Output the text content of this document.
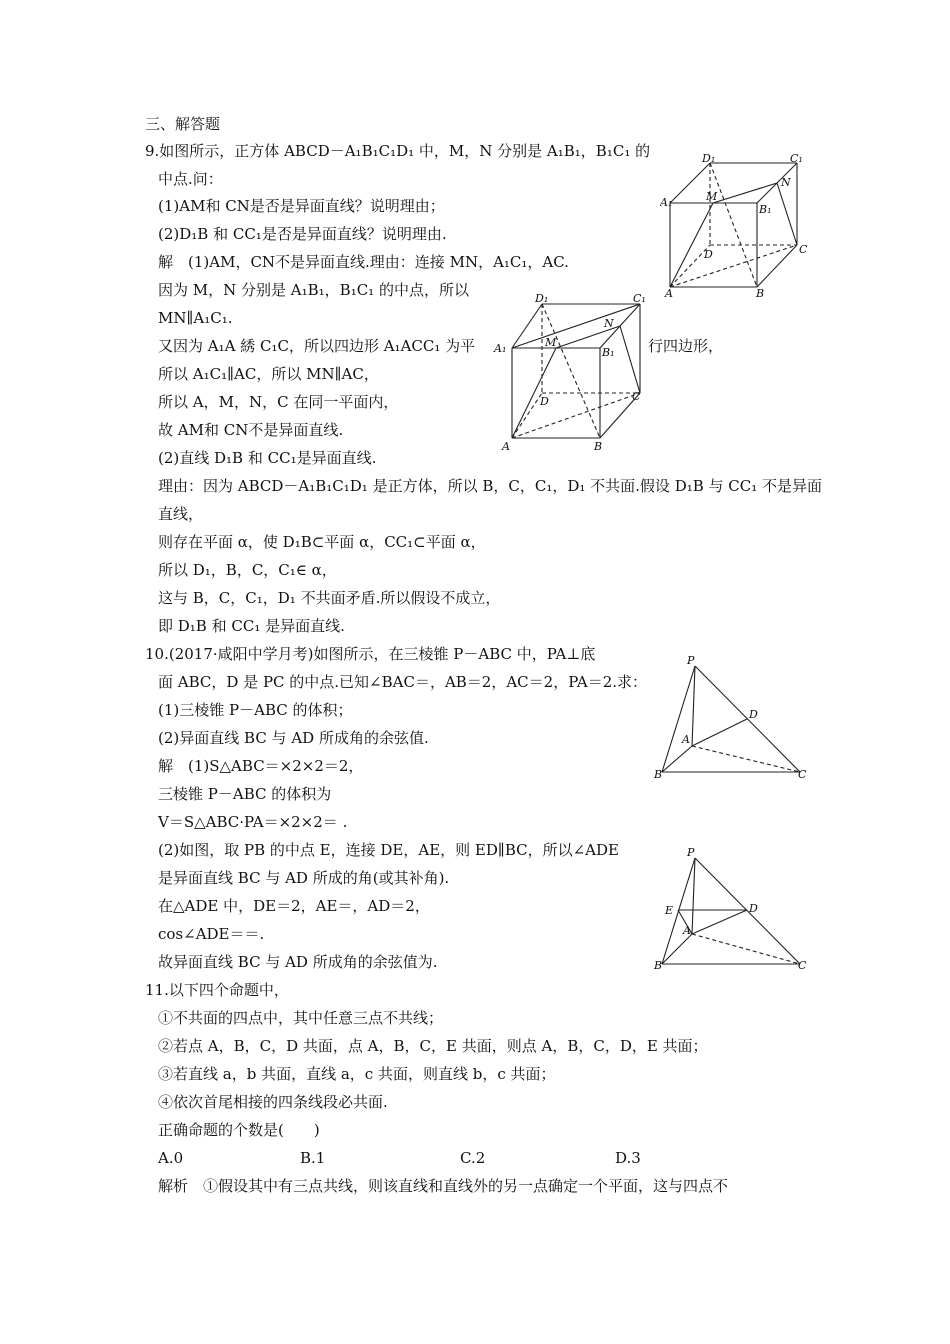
三、解答题
9.如图所示，正方体 ABCD－A₁B₁C₁D₁ 中，M，N 分别是 A₁B₁，B₁C₁ 的
中点.问：
(1)AM和 CN是否是异面直线？说明理由；
(2)D₁B 和 CC₁是否是异面直线？说明理由.
解　(1)AM，CN不是异面直线.理由：连接 MN，A₁C₁，AC.
因为 M，N 分别是 A₁B₁，B₁C₁ 的中点，所以
MN∥A₁C₁.
又因为 A₁A 綉 C₁C，所以四边形 A₁ACC₁ 为平	行四边形，
所以 A₁C₁∥AC，所以 MN∥AC，
所以 A，M，N，C 在同一平面内，
故 AM和 CN不是异面直线.
(2)直线 D₁B 和 CC₁是异面直线.
理由：因为 ABCD－A₁B₁C₁D₁ 是正方体，所以 B，C，C₁，D₁ 不共面.假设 D₁B 与 CC₁ 不是异面
直线，
则存在平面 α，使 D₁B⊂平面 α，CC₁⊂平面 α，
所以 D₁，B，C，C₁∈ α，
这与 B，C，C₁，D₁ 不共面矛盾.所以假设不成立，
即 D₁B 和 CC₁ 是异面直线.
10.(2017·咸阳中学月考)如图所示，在三棱锥 P－ABC 中，PA⊥底
面 ABC，D 是 PC 的中点.已知∠BAC＝，AB＝2，AC＝2，PA＝2.求：
(1)三棱锥 P－ABC 的体积；
(2)异面直线 BC 与 AD 所成角的余弦值.
解　(1)S△ABC＝×2×2＝2，
三棱锥 P－ABC 的体积为
V＝S△ABC·PA＝×2×2＝ .
(2)如图，取 PB 的中点 E，连接 DE，AE，则 ED∥BC，所以∠ADE
是异面直线 BC 与 AD 所成的角(或其补角).
在△ADE 中，DE＝2，AE＝，AD＝2，
cos∠ADE＝＝.
故异面直线 BC 与 AD 所成角的余弦值为.
11.以下四个命题中，
①不共面的四点中，其中任意三点不共线；
②若点 A，B，C，D 共面，点 A，B，C，E 共面，则点 A，B，C，D，E 共面；
③若直线 a，b 共面，直线 a，c 共面，则直线 b，c 共面；
④依次首尾相接的四条线段必共面.
正确命题的个数是(　　)
解析　①假设其中有三点共线，则该直线和直线外的另一点确定一个平面，这与四点不
A.0	B.1	C.2	D.3
D₁	C₁
N
A₁	M
B₁
D	C
A	B
D₁	C₁
N
A₁	M
B₁
D	C
A	B
P
D
A
B	C
P
E	D
A
B	C
